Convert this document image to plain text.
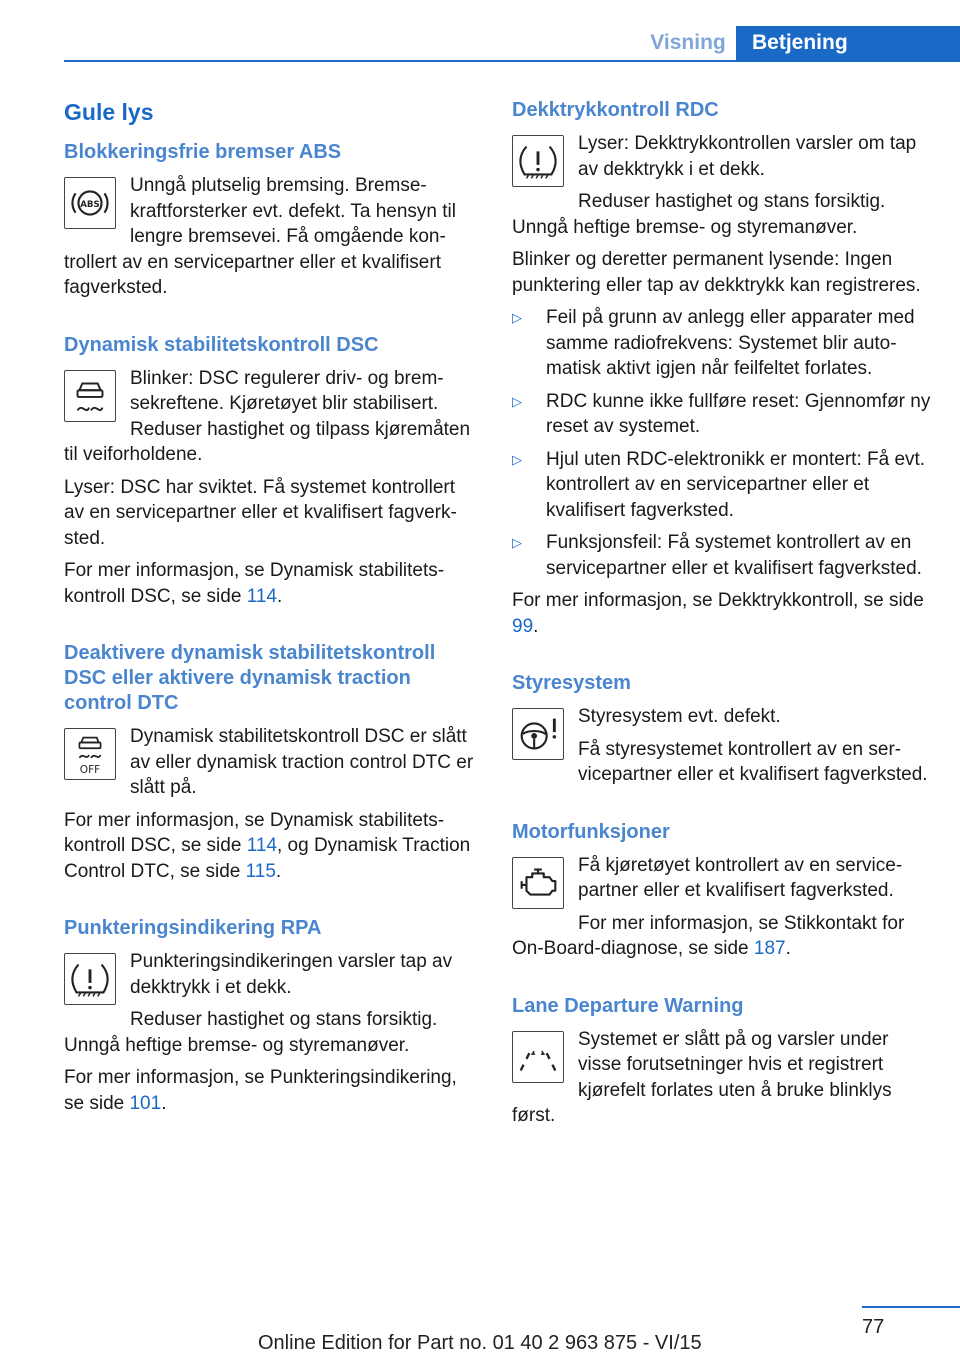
Visning	Betjening
Gule lys
Blokkeringsfrie bremser ABS
ABS

Unngå plutselig bremsing. Bremsekraftforsterker evt. defekt. Ta hensyn til lengre bremsevei. Få omgående kontrollert av en servicepartner eller et kvalifisert fagverksted.

Dynamisk stabilitetskontroll DSC

Blinker: DSC regulerer driv- og bremsekreftene. Kjøretøyet blir stabilisert. Reduser hastighet og tilpass kjøremåten til veiforholdene.

Lyser: DSC har sviktet. Få systemet kontrollert av en servicepartner eller et kvalifisert fagverksted.

For mer informasjon, se Dynamisk stabilitetskontroll DSC, se side 114.

Deaktivere dynamisk stabilitetskontroll DSC eller aktivere dynamisk traction control DTC
OFF

Dynamisk stabilitetskontroll DSC er slått av eller dynamisk traction control DTC er slått på.

For mer informasjon, se Dynamisk stabilitetskontroll DSC, se side 114, og Dynamisk Traction Control DTC, se side 115.

Punkteringsindikering RPA

Punkteringsindikeringen varsler tap av dekktrykk i et dekk.

Reduser hastighet og stans forsiktig. Unngå heftige bremse- og styremanøver.

For mer informasjon, se Punkteringsindikering, se side 101.

Dekktrykkontroll RDC

Lyser: Dekktrykkontrollen varsler om tap av dekktrykk i et dekk.

Reduser hastighet og stans forsiktig. Unngå heftige bremse- og styremanøver.

Blinker og deretter permanent lysende: Ingen punktering eller tap av dekktrykk kan registreres.

▷ Feil på grunn av anlegg eller apparater med samme radiofrekvens: Systemet blir automatisk aktivt igjen når feilfeltet forlates.
▷ RDC kunne ikke fullføre reset: Gjennomfør ny reset av systemet.
▷ Hjul uten RDC-elektronikk er montert: Få evt. kontrollert av en servicepartner eller et kvalifisert fagverksted.
▷ Funksjonsfeil: Få systemet kontrollert av en servicepartner eller et kvalifisert fagverksted.

For mer informasjon, se Dekktrykkontroll, se side 99.

Styresystem

Styresystem evt. defekt.

Få styresystemet kontrollert av en servicepartner eller et kvalifisert fagverksted.

Motorfunksjoner

Få kjøretøyet kontrollert av en servicepartner eller et kvalifisert fagverksted.

For mer informasjon, se Stikkontakt for On-Board-diagnose, se side 187.

Lane Departure Warning

Systemet er slått på og varsler under visse forutsetninger hvis et registrert kjørefelt forlates uten å bruke blinklys først.

77
Online Edition for Part no. 01 40 2 963 875 - VI/15
